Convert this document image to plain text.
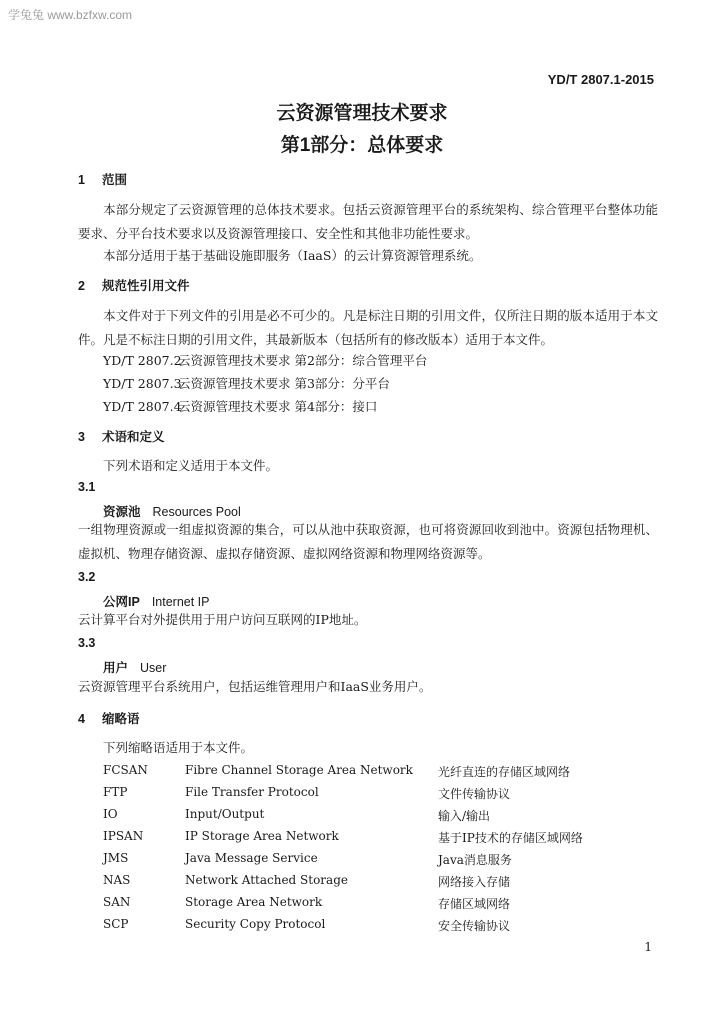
学兔兔 www.bzfxw.com
YD/T 2807.1-2015
云资源管理技术要求
第1部分：总体要求
1 范围
本部分规定了云资源管理的总体技术要求。包括云资源管理平台的系统架构、综合管理平台整体功能要求、分平台技术要求以及资源管理接口、安全性和其他非功能性要求。
本部分适用于基于基础设施即服务（IaaS）的云计算资源管理系统。
2 规范性引用文件
本文件对于下列文件的引用是必不可少的。凡是标注日期的引用文件，仅所注日期的版本适用于本文件。凡是不标注日期的引用文件，其最新版本（包括所有的修改版本）适用于本文件。
YD/T 2807.2云资源管理技术要求 第2部分：综合管理平台
YD/T 2807.3云资源管理技术要求 第3部分：分平台
YD/T 2807.4云资源管理技术要求 第4部分：接口
3 术语和定义
下列术语和定义适用于本文件。
3.1
资源池 Resources Pool
一组物理资源或一组虚拟资源的集合，可以从池中获取资源，也可将资源回收到池中。资源包括物理机、虚拟机、物理存储资源、虚拟存储资源、虚拟网络资源和物理网络资源等。
3.2
公网IP Internet IP
云计算平台对外提供用于用户访问互联网的IP地址。
3.3
用户 User
云资源管理平台系统用户，包括运维管理用户和IaaS业务用户。
4 缩略语
下列缩略语适用于本文件。
FCSAN	Fibre Channel Storage Area Network 光纤直连的存储区域网络
FTP	File Transfer Protocol	文件传输协议
IO	Input/Output	输入/输出
IPSAN	IP Storage Area Network	基于IP技术的存储区域网络
JMS	Java Message Service	Java消息服务
NAS	Network Attached Storage	网络接入存储
SAN	Storage Area Network	存储区域网络
SCP	Security Copy Protocol	安全传输协议
1
